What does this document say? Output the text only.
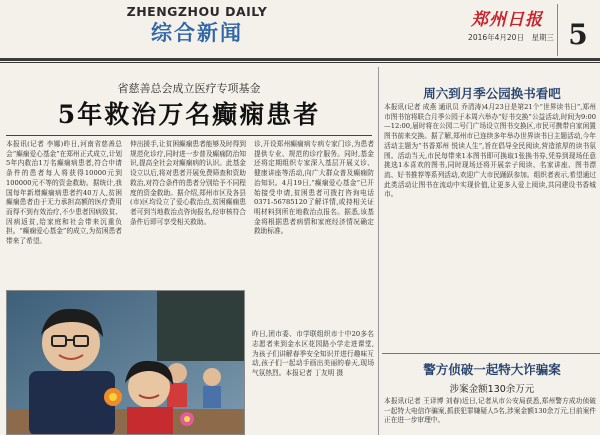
ZHENGZHOU DAILY
综合新闻
郑州日报
2016年4月20日　星期三 5
省慈善总会成立医疗专项基金
5年救治万名癫痫患者
本报讯(记者 李娜)昨日,河南省慈善总会“癫痫爱心基金”在郑州正式成立,计划5年内救治1万名癫痫病患者,符合申请条件的患者每人将获得10000元到100000元不等的资金救助。据统计,我国每年新增癫痫病患者约40万人,贫困癫痫患者由于无力承担高额的医疗费用而得不到有效治疗,不少患者因病致贫、因病返贫,给家庭和社会带来沉重负担。“癫痫爱心基金”的成立,为贫困患者带来了希望。
伸出援手,让贫困癫痫患者能够及时得到规范化诊疗,同时进一步普及癫痫防治知识,提高全社会对癫痫病的认识。此基金设立以后,将对患者开展免费筛查和资助救治,对符合条件的患者分别给予不同程度的资金救助。据介绍,郑州市区及各县(市)区均设立了爱心救治点,贫困癫痫患者可到当地救治点咨询报名,经审核符合条件后即可享受相关救助。
诊,开设郑州癫痫病专病专家门诊,为患者提供专业、规范的诊疗服务。同时,基金还将定期组织专家深入基层开展义诊、健康讲座等活动,向广大群众普及癫痫防治知识。4月19日,“癫痫爱心基金”已开始接受申请,贫困患者可拨打咨询电话0371-56785120了解详情,或持相关证明材料到所在地救治点报名。据悉,该基金将根据患者病情和家庭经济情况确定救助标准。
昨日,团市委、市学联组织市十中20多名志愿者来到金水区花园路小学走进课堂,为孩子们讲解春季安全知识并进行趣味互动,孩子们一起动手画出美丽的春天,现场气氛热烈。本报记者 丁友明 摄
周六到月季公园换书看吧
本报讯(记者 成燕 通讯员 乔清涛)4月23日是第21个“世界读书日”,郑州市图书馆将联合月季公园于本周六举办“好书交换”公益活动,时间为9:00—12:00,届时将在公园二号门广场设立图书交换区,市民可携带自家闲置图书前来交换。据了解,郑州市已连续多年举办世界读书日主题活动,今年活动主题为“书香郑州 悦读人生”,旨在倡导全民阅读,营造浓厚的读书氛围。活动当天,市民每带来1本图书即可换取1张换书券,凭券到现场任意挑选1本喜欢的图书,同时现场还将开展亲子阅读、名家讲座、图书漂流、好书推荐等系列活动,欢迎广大市民踊跃参加。组织者表示,希望通过此类活动让图书在流动中实现价值,让更多人爱上阅读,共同建设书香城市。
警方侦破一起特大诈骗案
涉案金额130余万元
本报讯(记者 王译博 刘春)近日,记者从市公安局获悉,郑州警方成功侦破一起特大电信诈骗案,抓获犯罪嫌疑人5名,涉案金额130余万元,目前案件正在进一步审理中。
